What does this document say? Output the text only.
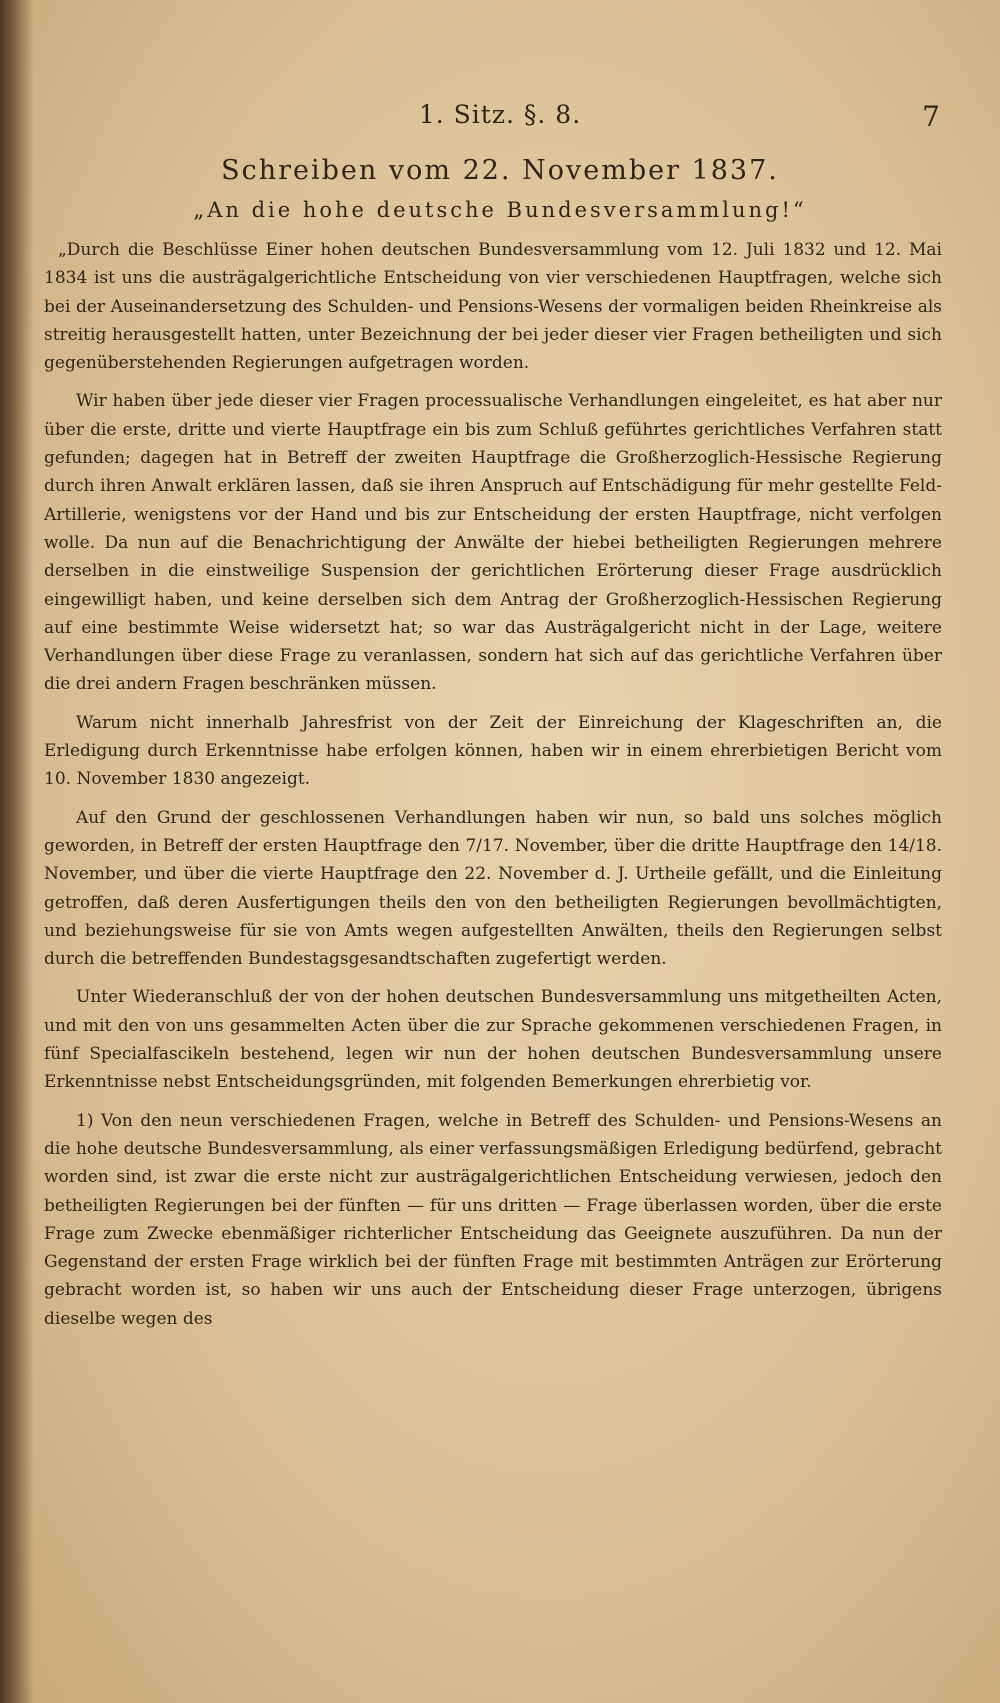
1. Sitz. §. 8.	7
Schreiben vom 22. November 1837.
„An die hohe deutsche Bundesversammlung!“

„Durch die Beschlüsse Einer hohen deutschen Bundesversammlung vom 12. Juli 1832 und 12. Mai 1834 ist uns die austrägalgerichtliche Entscheidung von vier verschiedenen Hauptfragen, welche sich bei der Auseinandersetzung des Schulden- und Pensions-Wesens der vormaligen beiden Rheinkreise als streitig herausgestellt hatten, unter Bezeichnung der bei jeder dieser vier Fragen betheiligten und sich gegenüberstehenden Regierungen aufgetragen worden.

Wir haben über jede dieser vier Fragen processualische Verhandlungen eingeleitet, es hat aber nur über die erste, dritte und vierte Hauptfrage ein bis zum Schluß geführtes gerichtliches Verfahren statt gefunden; dagegen hat in Betreff der zweiten Hauptfrage die Großherzoglich-Hessische Regierung durch ihren Anwalt erklären lassen, daß sie ihren Anspruch auf Entschädigung für mehr gestellte Feld-Artillerie, wenigstens vor der Hand und bis zur Entscheidung der ersten Hauptfrage, nicht verfolgen wolle. Da nun auf die Benachrichtigung der Anwälte der hiebei betheiligten Regierungen mehrere derselben in die einstweilige Suspension der gerichtlichen Erörterung dieser Frage ausdrücklich eingewilligt haben, und keine derselben sich dem Antrag der Großherzoglich-Hessischen Regierung auf eine bestimmte Weise widersetzt hat; so war das Austrägalgericht nicht in der Lage, weitere Verhandlungen über diese Frage zu veranlassen, sondern hat sich auf das gerichtliche Verfahren über die drei andern Fragen beschränken müssen.

Warum nicht innerhalb Jahresfrist von der Zeit der Einreichung der Klageschriften an, die Erledigung durch Erkenntnisse habe erfolgen können, haben wir in einem ehrerbietigen Bericht vom 10. November 1830 angezeigt.

Auf den Grund der geschlossenen Verhandlungen haben wir nun, so bald uns solches möglich geworden, in Betreff der ersten Hauptfrage den 7/17. November, über die dritte Hauptfrage den 14/18. November, und über die vierte Hauptfrage den 22. November d. J. Urtheile gefällt, und die Einleitung getroffen, daß deren Ausfertigungen theils den von den betheiligten Regierungen bevollmächtigten, und beziehungsweise für sie von Amts wegen aufgestellten Anwälten, theils den Regierungen selbst durch die betreffenden Bundestagsgesandtschaften zugefertigt werden.

Unter Wiederanschluß der von der hohen deutschen Bundesversammlung uns mitgetheilten Acten, und mit den von uns gesammelten Acten über die zur Sprache gekommenen verschiedenen Fragen, in fünf Specialfascikeln bestehend, legen wir nun der hohen deutschen Bundesversammlung unsere Erkenntnisse nebst Entscheidungsgründen, mit folgenden Bemerkungen ehrerbietig vor.

1) Von den neun verschiedenen Fragen, welche in Betreff des Schulden- und Pensions-Wesens an die hohe deutsche Bundesversammlung, als einer verfassungsmäßigen Erledigung bedürfend, gebracht worden sind, ist zwar die erste nicht zur austrägalgerichtlichen Entscheidung verwiesen, jedoch den betheiligten Regierungen bei der fünften — für uns dritten — Frage überlassen worden, über die erste Frage zum Zwecke ebenmäßiger richterlicher Entscheidung das Geeignete auszuführen. Da nun der Gegenstand der ersten Frage wirklich bei der fünften Frage mit bestimmten Anträgen zur Erörterung gebracht worden ist, so haben wir uns auch der Entscheidung dieser Frage unterzogen, übrigens dieselbe wegen des
